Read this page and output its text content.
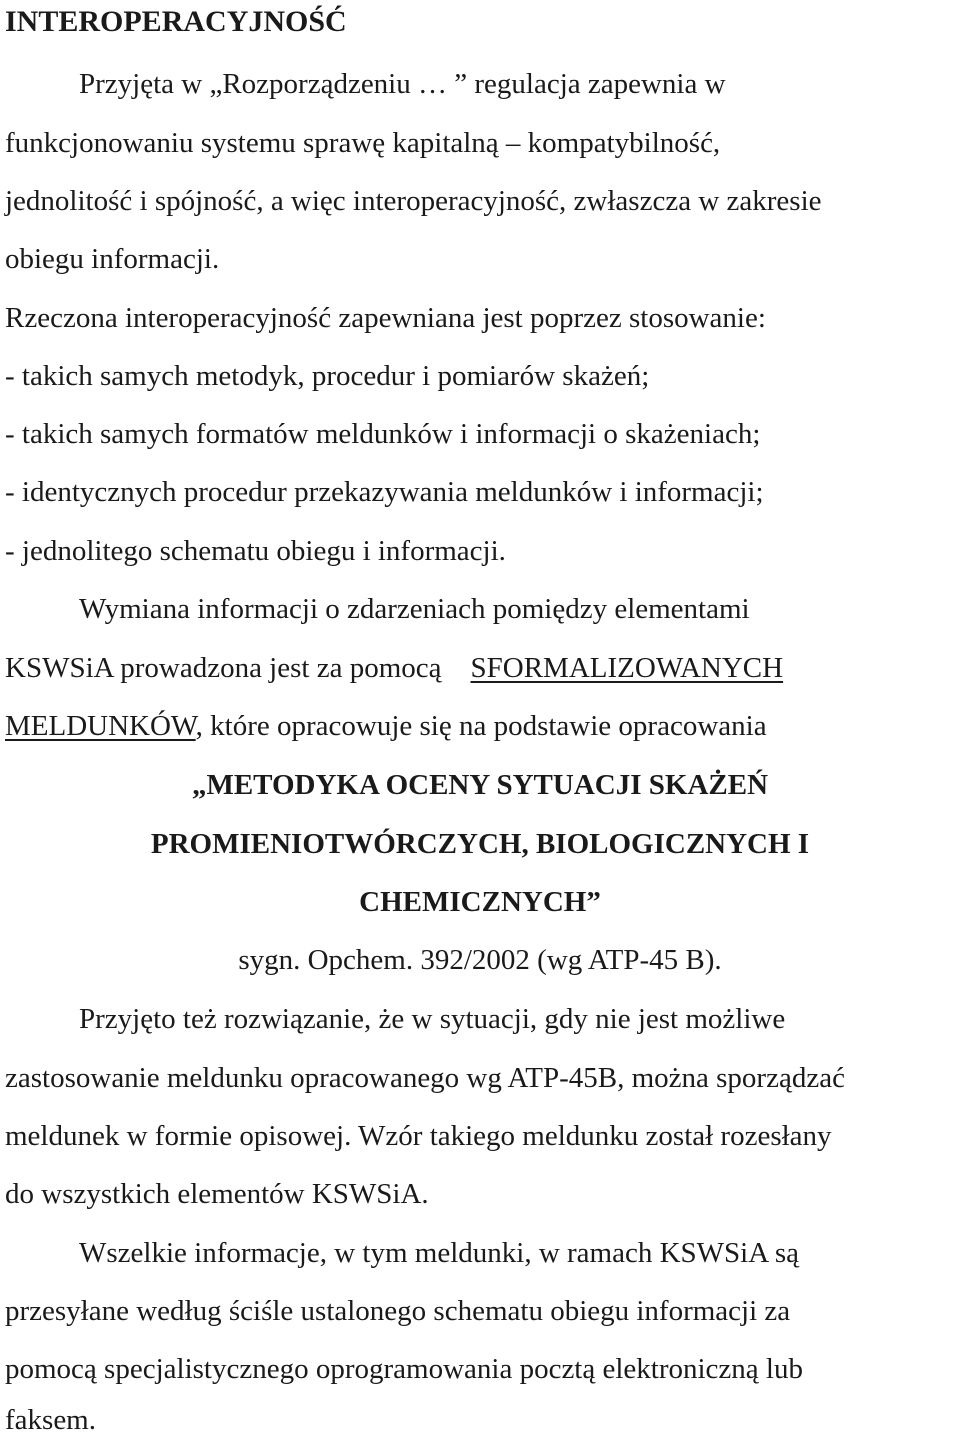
INTEROPERACYJNOŚĆ
Przyjęta w „Rozporządzeniu … ” regulacja zapewnia w
funkcjonowaniu systemu sprawę kapitalną – kompatybilność,
jednolitość i spójność, a więc interoperacyjność, zwłaszcza w zakresie
obiegu informacji.
Rzeczona interoperacyjność zapewniana jest poprzez stosowanie:
- takich samych metodyk, procedur i pomiarów skażeń;
- takich samych formatów meldunków i informacji o skażeniach;
- identycznych procedur przekazywania meldunków i informacji;
- jednolitego schematu obiegu i informacji.
Wymiana informacji o zdarzeniach pomiędzy elementami
KSWSiA prowadzona jest za pomocą    SFORMALIZOWANYCH
MELDUNKÓW, które opracowuje się na podstawie opracowania
„METODYKA OCENY SYTUACJI SKAŻEŃ
PROMIENIOTWÓRCZYCH, BIOLOGICZNYCH I
CHEMICZNYCH”
sygn. Opchem. 392/2002 (wg ATP-45 B).
Przyjęto też rozwiązanie, że w sytuacji, gdy nie jest możliwe
zastosowanie meldunku opracowanego wg ATP-45B, można sporządzać
meldunek w formie opisowej. Wzór takiego meldunku został rozesłany
do wszystkich elementów KSWSiA.
Wszelkie informacje, w tym meldunki, w ramach KSWSiA są
przesyłane według ściśle ustalonego schematu obiegu informacji za
pomocą specjalistycznego oprogramowania pocztą elektroniczną lub
faksem.
